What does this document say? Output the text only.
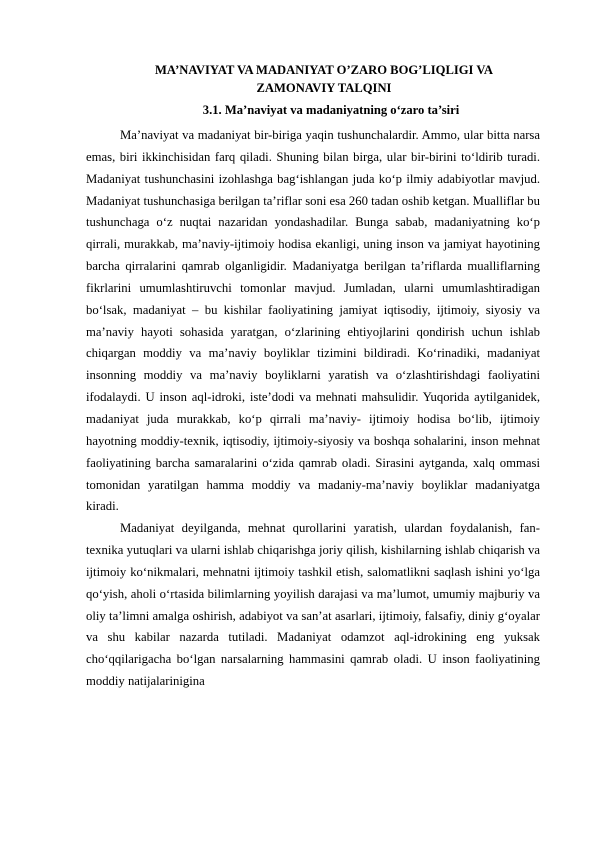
MA’NAVIYAT VA MADANIYAT O’ZARO BOG’LIQLIGI VA
ZAMONAVIY TALQINI
3.1. Ma’naviyat va madaniyatning o‘zaro ta’siri

Ma’naviyat va madaniyat bir-biriga yaqin tushunchalardir. Ammo, ular bitta narsa emas, biri ikkinchisidan farq qiladi. Shuning bilan birga, ular bir-birini to‘ldirib turadi. Madaniyat tushunchasini izohlashga bag‘ishlangan juda ko‘p ilmiy adabiyotlar mavjud. Madaniyat tushunchasiga berilgan ta’riflar soni esa 260 tadan oshib ketgan. Mualliflar bu tushunchaga o‘z nuqtai nazaridan yondashadilar. Bunga sabab, madaniyatning ko‘p qirrali, murakkab, ma’naviy-ijtimoiy hodisa ekanligi, uning inson va jamiyat hayotining barcha qirralarini qamrab olganligidir. Madaniyatga berilgan ta’riflarda mualliflarning fikrlarini umumlashtiruvchi tomonlar mavjud. Jumladan, ularni umumlashtiradigan bo‘lsak, madaniyat – bu kishilar faoliyatining jamiyat iqtisodiy, ijtimoiy, siyosiy va ma’naviy hayoti sohasida yaratgan, o‘zlarining ehtiyojlarini qondirish uchun ishlab chiqargan moddiy va ma’naviy boyliklar tizimini bildiradi. Ko‘rinadiki, madaniyat insonning moddiy va ma’naviy boyliklarni yaratish va o‘zlashtirishdagi faoliyatini ifodalaydi. U inson aql-idroki, iste’dodi va mehnati mahsulidir. Yuqorida aytilganidek, madaniyat juda murakkab, ko‘p qirrali ma’naviy- ijtimoiy hodisa bo‘lib, ijtimoiy hayotning moddiy-texnik, iqtisodiy, ijtimoiy-siyosiy va boshqa sohalarini, inson mehnat faoliyatining barcha samaralarini o‘zida qamrab oladi. Sirasini aytganda, xalq ommasi tomonidan yaratilgan hamma moddiy va madaniy-ma’naviy boyliklar madaniyatga kiradi.

Madaniyat deyilganda, mehnat qurollarini yaratish, ulardan foydalanish, fan-texnika yutuqlari va ularni ishlab chiqarishga joriy qilish, kishilarning ishlab chiqarish va ijtimoiy ko‘nikmalari, mehnatni ijtimoiy tashkil etish, salomatlikni saqlash ishini yo‘lga qo‘yish, aholi o‘rtasida bilimlarning yoyilish darajasi va ma’lumot, umumiy majburiy va oliy ta’limni amalga oshirish, adabiyot va san’at asarlari, ijtimoiy, falsafiy, diniy g‘oyalar va shu kabilar nazarda tutiladi. Madaniyat odamzot aql-idrokining eng yuksak cho‘qqilarigacha bo‘lgan narsalarning hammasini qamrab oladi. U inson faoliyatining moddiy natijalarinigina
